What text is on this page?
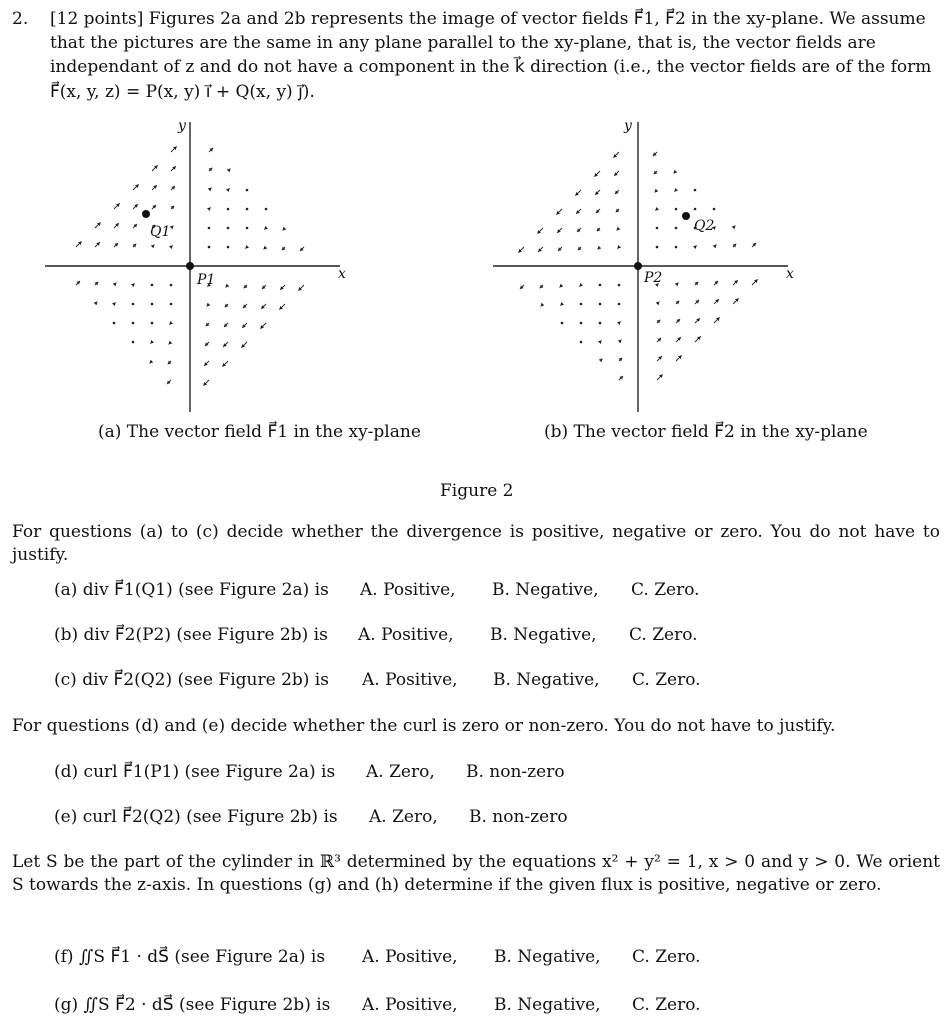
2. [12 points] Figures 2a and 2b represents the image of vector fields F⃗1, F⃗2 in the xy-plane. We assume
that the pictures are the same in any plane parallel to the xy-plane, that is, the vector fields are
independant of z and do not have a component in the k⃗ direction (i.e., the vector fields are of the form
F⃗(x, y, z) = P(x, y) i⃗ + Q(x, y) j⃗).
y
x
Q1
P1
y
x
Q2
P2
(a) The vector field F⃗1 in the xy-plane	(b) The vector field F⃗2 in the xy-plane
Figure 2
For questions (a) to (c) decide whether the divergence is positive, negative or zero. You do not have to justify.
(a) div F⃗1(Q1) (see Figure 2a) is A. Positive, B. Negative, C. Zero.
(b) div F⃗2(P2) (see Figure 2b) is A. Positive, B. Negative, C. Zero.
(c) div F⃗2(Q2) (see Figure 2b) is A. Positive, B. Negative, C. Zero.
For questions (d) and (e) decide whether the curl is zero or non-zero. You do not have to justify.
(d) curl F⃗1(P1) (see Figure 2a) is A. Zero, B. non-zero
(e) curl F⃗2(Q2) (see Figure 2b) is A. Zero, B. non-zero
Let S be the part of the cylinder in ℝ³ determined by the equations x² + y² = 1, x > 0 and y > 0. We orient S towards the z-axis. In questions (g) and (h) determine if the given flux is positive, negative or zero.
(f) ∬S F⃗1 · dS⃗ (see Figure 2a) is A. Positive, B. Negative, C. Zero.
(g) ∬S F⃗2 · dS⃗ (see Figure 2b) is A. Positive, B. Negative, C. Zero.
